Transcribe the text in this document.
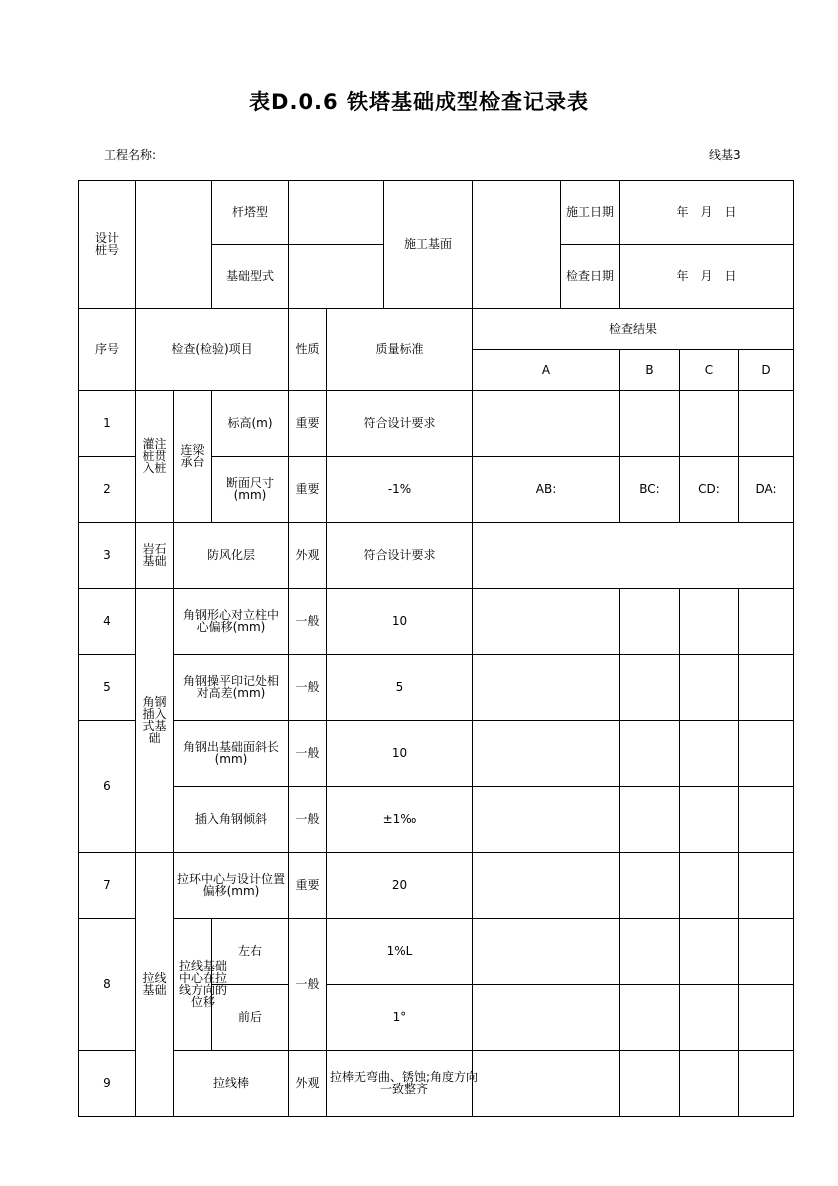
表D.0.6 铁塔基础成型检查记录表
工程名称:	线基3
设计桩号			杆塔型			施工基面		施工日期	年　月　日		
			基础型式					检查日期	年　月　日		
序号	检查(检验)项目			性质	质量标准		检查结果				
							A		B	C	D
1	灌注桩贯入桩	连梁承台	标高(m)	重要	符合设计要求						
2			断面尺寸(mm)	重要	-1%		AB:		BC:	CD:	DA:
3	岩石基础	防风化层		外观	符合设计要求						
4	角钢插入式基础	角钢形心对立柱中心偏移(mm)		一般	10						
5		角钢操平印记处相对高差(mm)		一般	5						
6		角钢出基础面斜长(mm)		一般	10						
		插入角钢倾斜		一般	±1‰						
7	拉线基础	拉环中心与设计位置偏移(mm)		重要	20						
8		拉线基础中心在拉线方向的位移	左右	一般	1%L						
			前后		1°						
9		拉线棒		外观	拉棒无弯曲、锈蚀;角度方向一致整齐						
